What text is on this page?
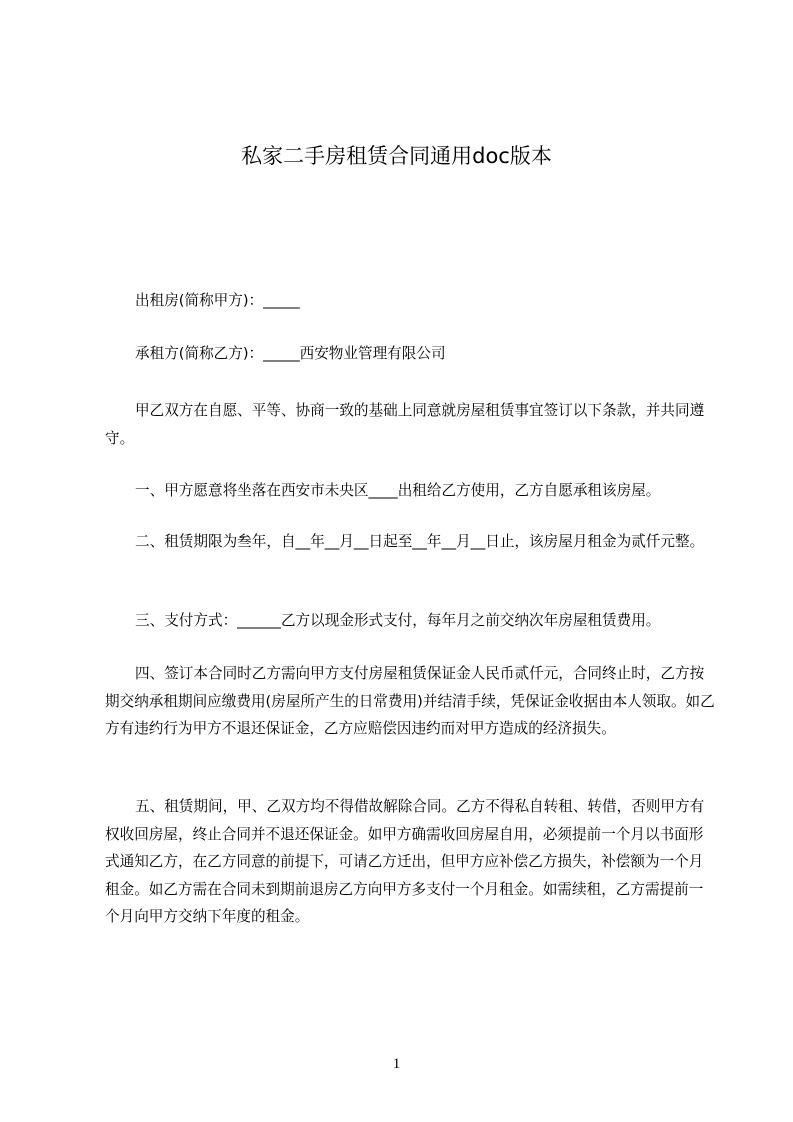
私家二手房租赁合同通用doc版本

出租房(简称甲方)：_____

承租方(简称乙方)：_____西安物业管理有限公司

甲乙双方在自愿、平等、协商一致的基础上同意就房屋租赁事宜签订以下条款，并共同遵守。

一、甲方愿意将坐落在西安市未央区____出租给乙方使用，乙方自愿承租该房屋。

二、租赁期限为叁年，自__年__月__日起至__年__月__日止，该房屋月租金为贰仟元整。

三、支付方式：______乙方以现金形式支付，每年月之前交纳次年房屋租赁费用。

四、签订本合同时乙方需向甲方支付房屋租赁保证金人民币贰仟元，合同终止时，乙方按期交纳承租期间应缴费用(房屋所产生的日常费用)并结清手续，凭保证金收据由本人领取。如乙方有违约行为甲方不退还保证金，乙方应赔偿因违约而对甲方造成的经济损失。

五、租赁期间，甲、乙双方均不得借故解除合同。乙方不得私自转租、转借，否则甲方有权收回房屋，终止合同并不退还保证金。如甲方确需收回房屋自用，必须提前一个月以书面形式通知乙方，在乙方同意的前提下，可请乙方迁出，但甲方应补偿乙方损失，补偿额为一个月租金。如乙方需在合同未到期前退房乙方向甲方多支付一个月租金。如需续租，乙方需提前一个月向甲方交纳下年度的租金。

1
